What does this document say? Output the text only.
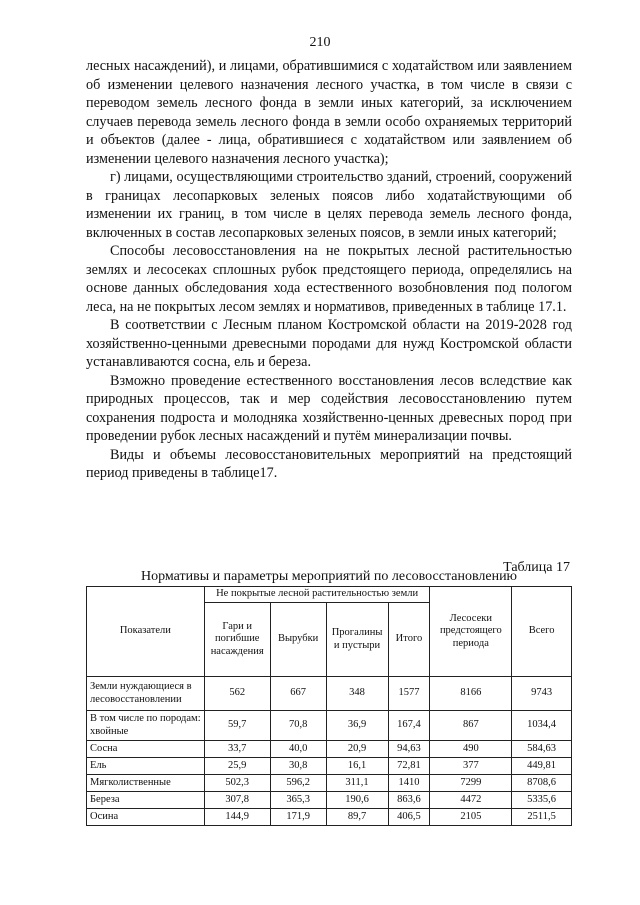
210

лесных насаждений), и лицами, обратившимися с ходатайством или заявлением об изменении целевого назначения лесного участка, в том числе в связи с переводом земель лесного фонда в земли иных категорий, за исключением случаев перевода земель лесного фонда в земли особо охраняемых территорий и объектов (далее - лица, обратившиеся с ходатайством или заявлением об изменении целевого назначения лесного участка);

г) лицами, осуществляющими строительство зданий, строений, сооружений в границах лесопарковых зеленых поясов либо ходатайствующими об изменении их границ, в том числе в целях перевода земель лесного фонда, включенных в состав лесопарковых зеленых поясов, в земли иных категорий;

Способы лесовосстановления на не покрытых лесной растительностью землях и лесосеках сплошных рубок предстоящего периода, определялись на основе данных обследования хода естественного возобновления под пологом леса, на не покрытых лесом землях и нормативов, приведенных в таблице 17.1.

В соответствии с Лесным планом Костромской области на 2019-2028 год хозяйственно-ценными древесными породами для нужд Костромской области устанавливаются сосна, ель и береза.

Взможно проведение естественного восстановления лесов вследствие как природных процессов, так и мер содействия лесовосстановлению путем сохранения подроста и молодняка хозяйственно-ценных древесных пород при проведении рубок лесных насаждений и путём минерализации почвы.

Виды и объемы лесовосстановительных мероприятий на предстоящий период приведены в таблице17.

Таблица 17
Нормативы и параметры мероприятий по лесовосстановлению
Показатели	Не покрытые лесной растительностью земли				Лесосеки предстоящего периода	Всего
	Гари и погибшие насаждения	Вырубки	Прогалины и пустыри	Итого		
Земли нуждающиеся в лесовосстановлении	562	667	348	1577	8166	9743
В том числе по породам: хвойные	59,7	70,8	36,9	167,4	867	1034,4
Сосна	33,7	40,0	20,9	94,63	490	584,63
Ель	25,9	30,8	16,1	72,81	377	449,81
Мягколиственные	502,3	596,2	311,1	1410	7299	8708,6
Береза	307,8	365,3	190,6	863,6	4472	5335,6
Осина	144,9	171,9	89,7	406,5	2105	2511,5
